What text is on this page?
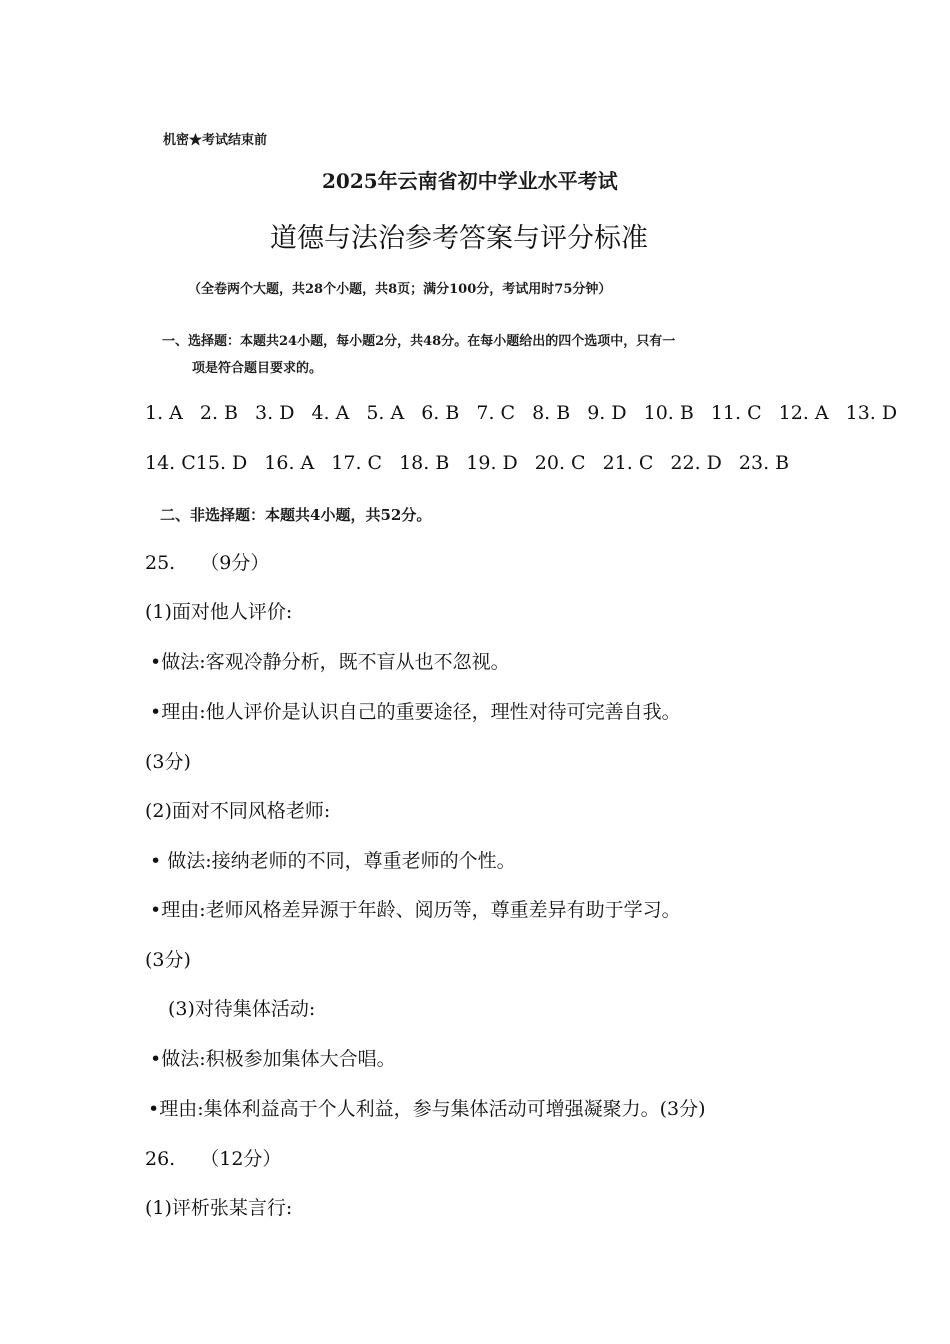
机密★考试结束前
2025年云南省初中学业水平考试
道德与法治参考答案与评分标准
（全卷两个大题，共28个小题，共8页；满分100分，考试用时75分钟）
一、选择题：本题共24小题，每小题2分，共48分。在每小题给出的四个选项中，只有一
项是符合题目要求的。
1. A 2. B 3. D 4. A 5. A 6. B 7. C 8. B 9. D 10. B 11. C 12. A 13. D
14. C15. D 16. A 17. C 18. B 19. D 20. C 21. C 22. D 23. B
二、非选择题：本题共4小题，共52分。
25.　 （9分）
(1)面对他人评价:
•做法:客观冷静分析，既不盲从也不忽视。
•理由:他人评价是认识自己的重要途径，理性对待可完善自我。
(3分)
(2)面对不同风格老师:
• 做法:接纳老师的不同，尊重老师的个性。
•理由:老师风格差异源于年龄、阅历等，尊重差异有助于学习。
(3分)
(3)对待集体活动:
•做法:积极参加集体大合唱。
•理由:集体利益高于个人利益，参与集体活动可增强凝聚力。(3分)
26.　 （12分）
(1)评析张某言行:
